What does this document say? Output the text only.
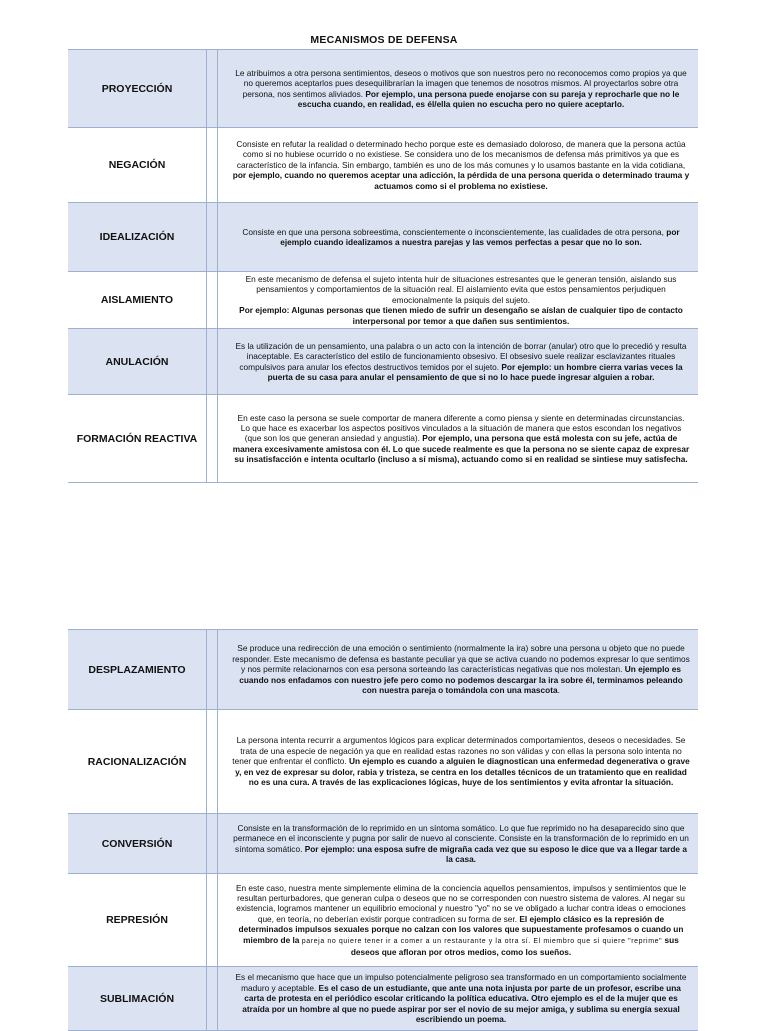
MECANISMOS DE DEFENSA
PROYECCIÓN		Le atribuimos a otra persona sentimientos, deseos o motivos que son nuestros pero no reconocemos como propios ya que no queremos aceptarlos pues desequilibrarían la imagen que tenemos de nosotros mismos. Al proyectarlos sobre otra persona, nos sentimos aliviados. Por ejemplo, una persona puede enojarse con su pareja y reprocharle que no le escucha cuando, en realidad, es él/ella quien no escucha pero no quiere aceptarlo.
NEGACIÓN		Consiste en refutar la realidad o determinado hecho porque este es demasiado doloroso, de manera que la persona actúa como si no hubiese ocurrido o no existiese. Se considera uno de los mecanismos de defensa más primitivos ya que es característico de la infancia. Sin embargo, también es uno de los más comunes y lo usamos bastante en la vida cotidiana, por ejemplo, cuando no queremos aceptar una adicción, la pérdida de una persona querida o determinado trauma y actuamos como si el problema no existiese.
IDEALIZACIÓN		Consiste en que una persona sobreestima, conscientemente o inconscientemente, las cualidades de otra persona, por ejemplo cuando idealizamos a nuestra parejas y las vemos perfectas a pesar que no lo son.
AISLAMIENTO		En este mecanismo de defensa el sujeto intenta huir de situaciones estresantes que le generan tensión, aislando sus pensamientos y comportamientos de la situación real. El aislamiento evita que estos pensamientos perjudiquen emocionalmente la psiquis del sujeto.
Por ejemplo: Algunas personas que tienen miedo de sufrir un desengaño se aíslan de cualquier tipo de contacto interpersonal por temor a que dañen sus sentimientos.
ANULACIÓN		Es la utilización de un pensamiento, una palabra o un acto con la intención de borrar (anular) otro que lo precedió y resulta inaceptable. Es característico del estilo de funcionamiento obsesivo. El obsesivo suele realizar esclavizantes rituales compulsivos para anular los efectos destructivos temidos por el sujeto. Por ejemplo: un hombre cierra varias veces la puerta de su casa para anular el pensamiento de que si no lo hace puede ingresar alguien a robar.
FORMACIÓN REACTIVA		En este caso la persona se suele comportar de manera diferente a como piensa y siente en determinadas circunstancias. Lo que hace es exacerbar los aspectos positivos vinculados a la situación de manera que estos escondan los negativos (que son los que generan ansiedad y angustia). Por ejemplo, una persona que está molesta con su jefe, actúa de manera excesivamente amistosa con él. Lo que sucede realmente es que la persona no se siente capaz de expresar su insatisfacción e intenta ocultarlo (incluso a sí misma), actuando como si en realidad se sintiese muy satisfecha.
DESPLAZAMIENTO		Se produce una redirección de una emoción o sentimiento (normalmente la ira) sobre una persona u objeto que no puede responder. Este mecanismo de defensa es bastante peculiar ya que se activa cuando no podemos expresar lo que sentimos y nos permite relacionarnos con esa persona sorteando las características negativas que nos molestan. Un ejemplo es cuando nos enfadamos con nuestro jefe pero como no podemos descargar la ira sobre él, terminamos peleando con nuestra pareja o tomándola con una mascota.
RACIONALIZACIÓN		La persona intenta recurrir a argumentos lógicos para explicar determinados comportamientos, deseos o necesidades. Se trata de una especie de negación ya que en realidad estas razones no son válidas y con ellas la persona solo intenta no tener que enfrentar el conflicto. Un ejemplo es cuando a alguien le diagnostican una enfermedad degenerativa o grave y, en vez de expresar su dolor, rabia y tristeza, se centra en los detalles técnicos de un tratamiento que en realidad no es una cura. A través de las explicaciones lógicas, huye de los sentimientos y evita afrontar la situación.
CONVERSIÓN		Consiste en la transformación de lo reprimido en un síntoma somático. Lo que fue reprimido no ha desaparecido sino que permanece en el inconsciente y pugna por salir de nuevo al consciente. Consiste en la transformación de lo reprimido en un síntoma somático. Por ejemplo: una esposa sufre de migraña cada vez que su esposo le dice que va a llegar tarde a la casa.
REPRESIÓN		En este caso, nuestra mente simplemente elimina de la conciencia aquellos pensamientos, impulsos y sentimientos que le resultan perturbadores, que generan culpa o deseos que no se corresponden con nuestro sistema de valores. Al negar su existencia, logramos mantener un equilibrio emocional y nuestro "yo" no se ve obligado a luchar contra ideas o emociones que, en teoría, no deberían existir porque contradicen su forma de ser. El ejemplo clásico es la represión de determinados impulsos sexuales porque no calzan con los valores que supuestamente profesamos o cuando un miembro de la pareja no quiere tener ir a comer a un restaurante y la otra sí. El miembro que sí quiere "reprime" sus deseos que afloran por otros medios, como los sueños.
SUBLIMACIÓN		Es el mecanismo que hace que un impulso potencialmente peligroso sea transformado en un comportamiento socialmente maduro y aceptable. Es el caso de un estudiante, que ante una nota injusta por parte de un profesor, escribe una carta de protesta en el periódico escolar criticando la política educativa. Otro ejemplo es el de la mujer que es atraída por un hombre al que no puede aspirar por ser el novio de su mejor amiga, y sublima su energía sexual escribiendo un poema.
